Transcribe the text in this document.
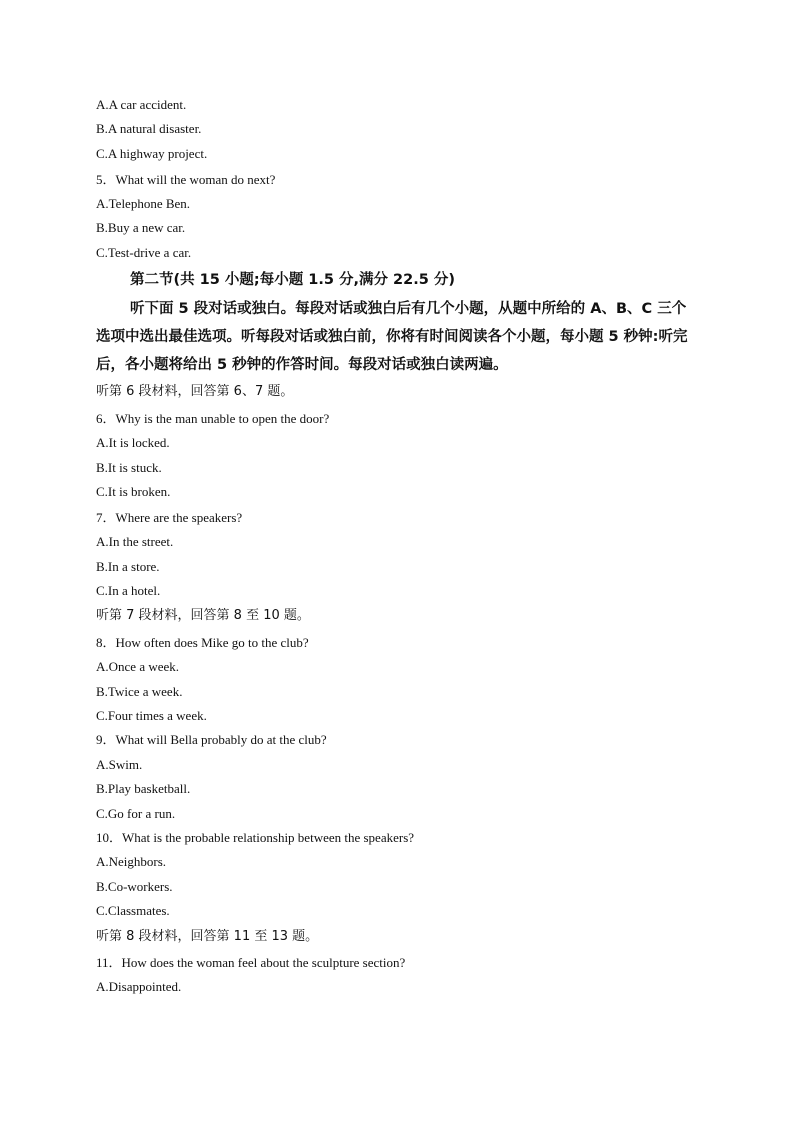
A.A car accident.
B.A natural disaster.
C.A highway project.
5．What will the woman do next?
A.Telephone Ben.
B.Buy a new car.
C.Test-drive a car.
第二节(共 15 小题;每小题 1.5 分,满分 22.5 分)
听下面 5 段对话或独白。每段对话或独白后有几个小题，从题中所给的 A、B、C 三个选项中选出最佳选项。听每段对话或独白前，你将有时间阅读各个小题，每小题 5 秒钟:听完后，各小题将给出 5 秒钟的作答时间。每段对话或独白读两遍。
听第 6 段材料，回答第 6、7 题。
6．Why is the man unable to open the door?
A.It is locked.
B.It is stuck.
C.It is broken.
7．Where are the speakers?
A.In the street.
B.In a store.
C.In a hotel.
听第 7 段材料，回答第 8 至 10 题。
8．How often does Mike go to the club?
A.Once a week.
B.Twice a week.
C.Four times a week.
9．What will Bella probably do at the club?
A.Swim.
B.Play basketball.
C.Go for a run.
10．What is the probable relationship between the speakers?
A.Neighbors.
B.Co-workers.
C.Classmates.
听第 8 段材料，回答第 11 至 13 题。
11．How does the woman feel about the sculpture section?
A.Disappointed.
